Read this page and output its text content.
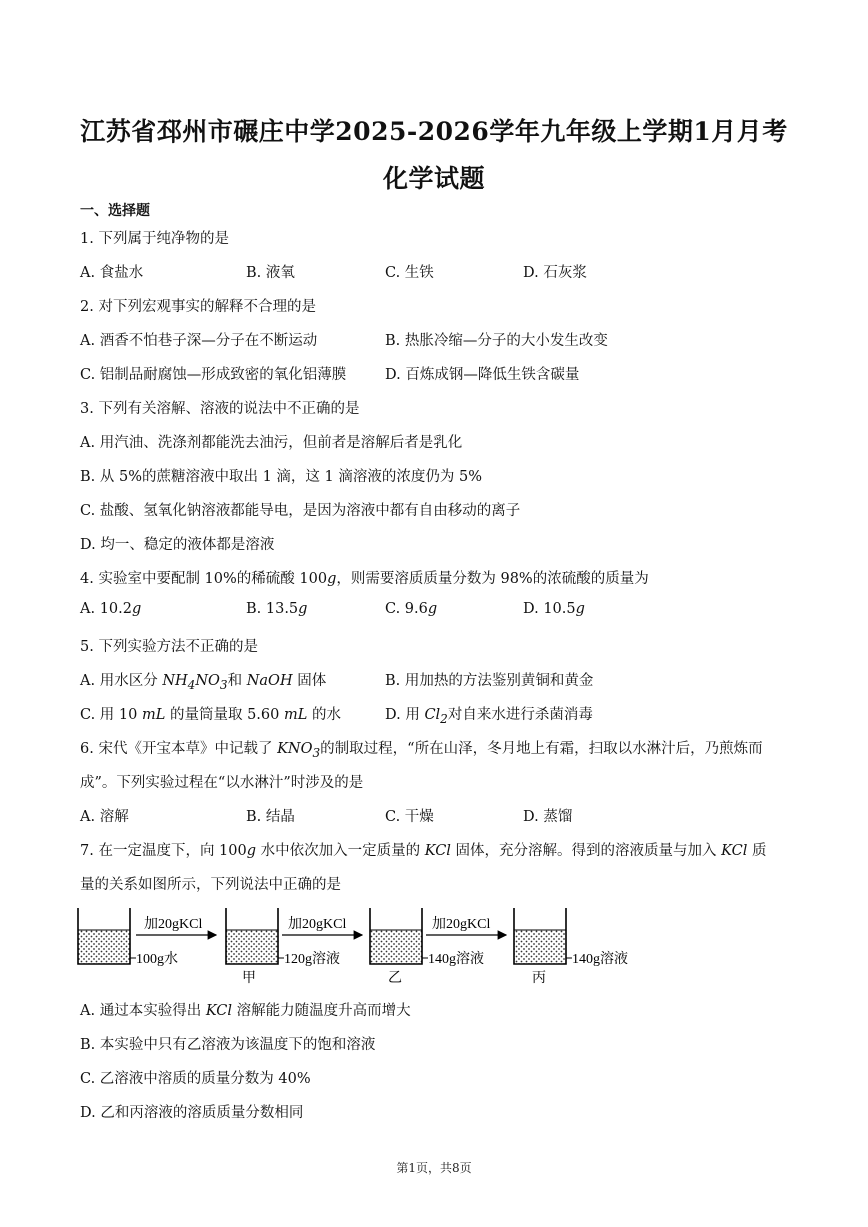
江苏省邳州市碾庄中学2025-2026学年九年级上学期1月月考
化学试题
一、选择题
1. 下列属于纯净物的是
A. 食盐水	B. 液氧	C. 生铁	D. 石灰浆
2. 对下列宏观事实的解释不合理的是
A. 酒香不怕巷子深—分子在不断运动	B. 热胀冷缩—分子的大小发生改变
C. 铝制品耐腐蚀—形成致密的氧化铝薄膜	D. 百炼成钢—降低生铁含碳量
3. 下列有关溶解、溶液的说法中不正确的是
A. 用汽油、洗涤剂都能洗去油污，但前者是溶解后者是乳化
B. 从 5%的蔗糖溶液中取出 1 滴，这 1 滴溶液的浓度仍为 5%
C. 盐酸、氢氧化钠溶液都能导电，是因为溶液中都有自由移动的离子
D. 均一、稳定的液体都是溶液
4. 实验室中要配制 10%的稀硫酸 100g，则需要溶质质量分数为 98%的浓硫酸的质量为
A. 10.2g	B. 13.5g	C. 9.6g	D. 10.5g
5. 下列实验方法不正确的是
A. 用水区分 $NH_4NO_3$和 NaOH 固体	B. 用加热的方法鉴别黄铜和黄金
C. 用 10 mL 的量筒量取 5.60 mL 的水	D. 用 $Cl_2$对自来水进行杀菌消毒
6. 宋代《开宝本草》中记载了 $KNO_3$的制取过程，“所在山泽，冬月地上有霜，扫取以水淋汁后，乃煎炼而
成”。下列实验过程在“以水淋汁”时涉及的是
A. 溶解	B. 结晶	C. 干燥	D. 蒸馏
7. 在一定温度下，向 100g 水中依次加入一定质量的 KCl 固体，充分溶解。得到的溶液质量与加入 KCl 质
量的关系如图所示，下列说法中正确的是
100g水
加20gKCl
120g溶液
甲
加20gKCl
140g溶液
乙
加20gKCl
140g溶液
丙
A. 通过本实验得出 KCl 溶解能力随温度升高而增大
B. 本实验中只有乙溶液为该温度下的饱和溶液
C. 乙溶液中溶质的质量分数为 40%
D. 乙和丙溶液的溶质质量分数相同
第1页，共8页
